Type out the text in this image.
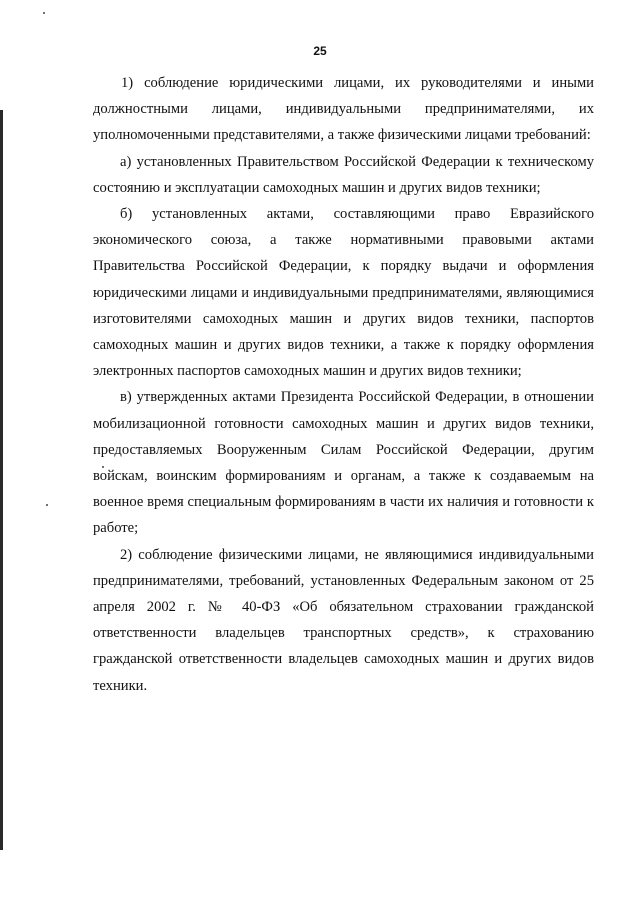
25

1) соблюдение юридическими лицами, их руководителями и иными должностными лицами, индивидуальными предпринимателями, их уполномоченными представителями, а также физическими лицами требований:

а) установленных Правительством Российской Федерации к техническому состоянию и эксплуатации самоходных машин и других видов техники;

б) установленных актами, составляющими право Евразийского экономического союза, а также нормативными правовыми актами Правительства Российской Федерации, к порядку выдачи и оформления юридическими лицами и индивидуальными предпринимателями, являющимися изготовителями самоходных машин и других видов техники, паспортов самоходных машин и других видов техники, а также к порядку оформления электронных паспортов самоходных машин и других видов техники;

в) утвержденных актами Президента Российской Федерации, в отношении мобилизационной готовности самоходных машин и других видов техники, предоставляемых Вооруженным Силам Российской Федерации, другим войскам, воинским формированиям и органам, а также к создаваемым на военное время специальным формированиям в части их наличия и готовности к работе;

2) соблюдение физическими лицами, не являющимися индивидуальными предпринимателями, требований, установленных Федеральным законом от 25 апреля 2002 г. № 40-ФЗ «Об обязательном страховании гражданской ответственности владельцев транспортных средств», к страхованию гражданской ответственности владельцев самоходных машин и других видов техники.
